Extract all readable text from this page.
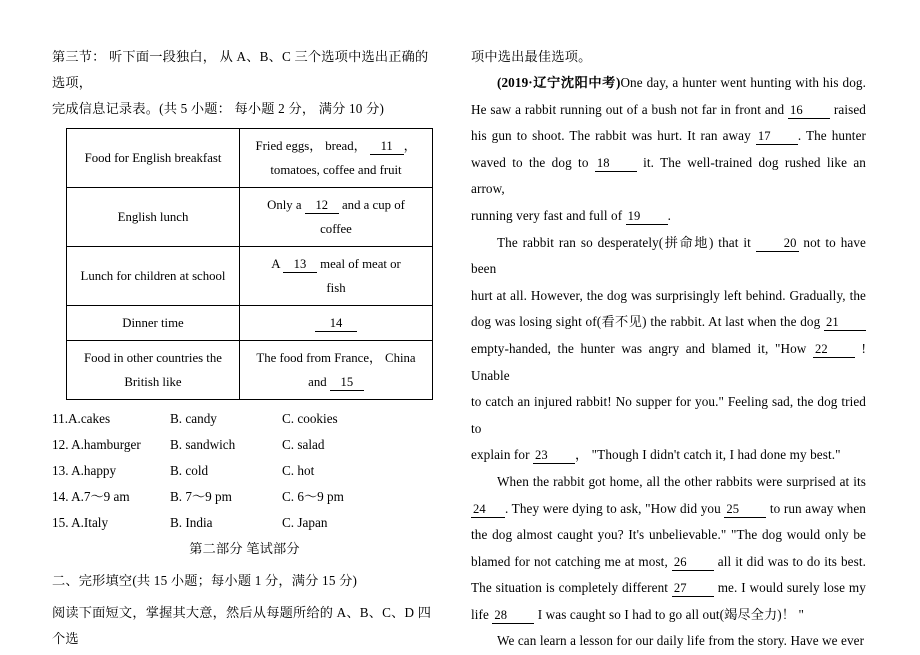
第三节： 听下面一段独白， 从 A、B、C 三个选项中选出正确的选项，

完成信息记录表。(共 5 小题： 每小题 2 分， 满分 10 分)

Food for English breakfast	Fried eggs， bread， 11 ，
tomatoes, coffee and fruit

English lunch	Only a 12 and a cup of
coffee

Lunch for children at school	A 13 meal of meat or
fish

Dinner time	14
Food in other countries the British like	The food from France， China
and 15
11.A.cakes	B. candy	C. cookies
12. A.hamburger	B. sandwich	C. salad
13. A.happy	B. cold	C. hot
14. A.7～9 am	B. 7～9 pm	C. 6～9 pm
15. A.Italy	B. India	C. Japan

第二部分 笔试部分

二、完形填空(共 15 小题；每小题 1 分，满分 15 分)

阅读下面短文，掌握其大意，然后从每题所给的 A、B、C、D 四个选

项中选出最佳选项。

(2019·辽宁沈阳中考)One day, a hunter went hunting with his dog.

He saw a rabbit running out of a bush not far in front and 16 raised

his gun to shoot. The rabbit was hurt. It ran away 17 . The hunter

waved to the dog to 18	it. The well-trained dog rushed like an arrow,

running very fast and full of 19 .

The rabbit ran so desperately(拼命地) that it	20 not to have been

hurt at all. However, the dog was surprisingly left behind. Gradually, the

dog was losing sight of(看不见) the rabbit. At last when the dog 21

empty-handed, the hunter was angry and blamed it, "How 22	! Unable

to catch an injured rabbit! No supper for you." Feeling sad, the dog tried to

explain for 23 ， "Though I didn't catch it, I had done my best."

When the rabbit got home, all the other rabbits were surprised at its

24 . They were dying to ask, "How did you 25 to run away when

the dog almost caught you? It's unbelievable." "The dog would only be

blamed for not catching me at most, 26 all it did was to do its best.

The situation is completely different 27 me. I would surely lose my

life 28 I was caught so I had to go all out(竭尽全力)！ "

We can learn a lesson for our daily life from the story. Have we ever
